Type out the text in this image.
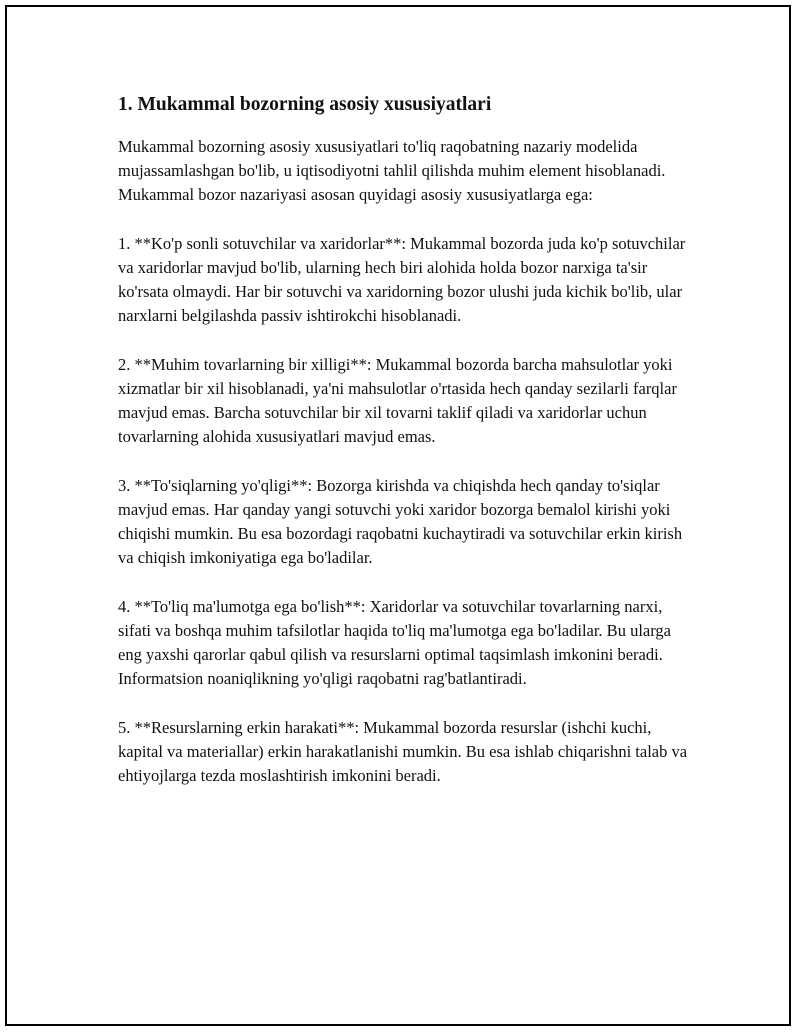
1. Mukammal bozorning asosiy xususiyatlari

Mukammal bozorning asosiy xususiyatlari to'liq raqobatning nazariy modelida mujassamlashgan bo'lib, u iqtisodiyotni tahlil qilishda muhim element hisoblanadi. Mukammal bozor nazariyasi asosan quyidagi asosiy xususiyatlarga ega:

1. **Ko'p sonli sotuvchilar va xaridorlar**: Mukammal bozorda juda ko'p sotuvchilar va xaridorlar mavjud bo'lib, ularning hech biri alohida holda bozor narxiga ta'sir ko'rsata olmaydi. Har bir sotuvchi va xaridorning bozor ulushi juda kichik bo'lib, ular narxlarni belgilashda passiv ishtirokchi hisoblanadi.

2. **Muhim tovarlarning bir xilligi**: Mukammal bozorda barcha mahsulotlar yoki xizmatlar bir xil hisoblanadi, ya'ni mahsulotlar o'rtasida hech qanday sezilarli farqlar mavjud emas. Barcha sotuvchilar bir xil tovarni taklif qiladi va xaridorlar uchun tovarlarning alohida xususiyatlari mavjud emas.

3. **To'siqlarning yo'qligi**: Bozorga kirishda va chiqishda hech qanday to'siqlar mavjud emas. Har qanday yangi sotuvchi yoki xaridor bozorga bemalol kirishi yoki chiqishi mumkin. Bu esa bozordagi raqobatni kuchaytiradi va sotuvchilar erkin kirish va chiqish imkoniyatiga ega bo'ladilar.

4. **To'liq ma'lumotga ega bo'lish**: Xaridorlar va sotuvchilar tovarlarning narxi, sifati va boshqa muhim tafsilotlar haqida to'liq ma'lumotga ega bo'ladilar. Bu ularga eng yaxshi qarorlar qabul qilish va resurslarni optimal taqsimlash imkonini beradi. Informatsion noaniqlikning yo'qligi raqobatni rag'batlantiradi.

5. **Resurslarning erkin harakati**: Mukammal bozorda resurslar (ishchi kuchi, kapital va materiallar) erkin harakatlanishi mumkin. Bu esa ishlab chiqarishni talab va ehtiyojlarga tezda moslashtirish imkonini beradi.
